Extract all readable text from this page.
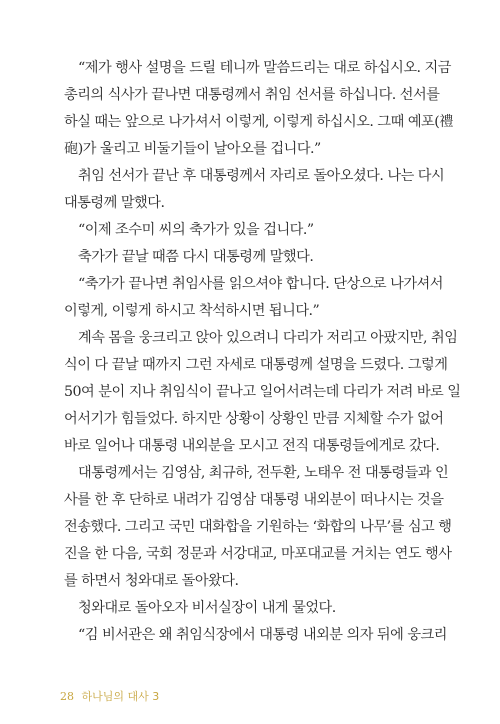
“제가 행사 설명을 드릴 테니까 말씀드리는 대로 하십시오. 지금
총리의 식사가 끝나면 대통령께서 취임 선서를 하십니다. 선서를
하실 때는 앞으로 나가셔서 이렇게, 이렇게 하십시오. 그때 예포(禮
砲)가 울리고 비둘기들이 날아오를 겁니다.”
취임 선서가 끝난 후 대통령께서 자리로 돌아오셨다. 나는 다시
대통령께 말했다.
“이제 조수미 씨의 축가가 있을 겁니다.”
축가가 끝날 때쯤 다시 대통령께 말했다.
“축가가 끝나면 취임사를 읽으셔야 합니다. 단상으로 나가셔서
이렇게, 이렇게 하시고 착석하시면 됩니다.”
계속 몸을 웅크리고 앉아 있으려니 다리가 저리고 아팠지만, 취임
식이 다 끝날 때까지 그런 자세로 대통령께 설명을 드렸다. 그렇게
50여 분이 지나 취임식이 끝나고 일어서려는데 다리가 저려 바로 일
어서기가 힘들었다. 하지만 상황이 상황인 만큼 지체할 수가 없어
바로 일어나 대통령 내외분을 모시고 전직 대통령들에게로 갔다.
대통령께서는 김영삼, 최규하, 전두환, 노태우 전 대통령들과 인
사를 한 후 단하로 내려가 김영삼 대통령 내외분이 떠나시는 것을
전송했다. 그리고 국민 대화합을 기원하는 ‘화합의 나무’를 심고 행
진을 한 다음, 국회 정문과 서강대교, 마포대교를 거치는 연도 행사
를 하면서 청와대로 돌아왔다.
청와대로 돌아오자 비서실장이 내게 물었다.
“김 비서관은 왜 취임식장에서 대통령 내외분 의자 뒤에 웅크리
28 하나님의 대사 3
